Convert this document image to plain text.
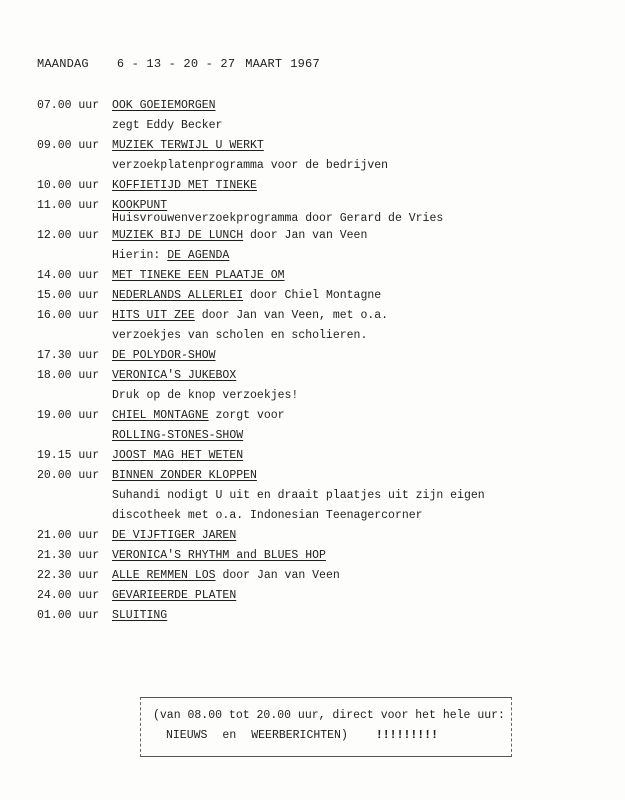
MAANDAG 6 - 13 - 20 - 27 MAART 1967
07.00 uur	OOK GOEIEMORGEN
zegt Eddy Becker
09.00 uur	MUZIEK TERWIJL U WERKT
verzoekplatenprogramma voor de bedrijven
10.00 uur	KOFFIETIJD MET TINEKE
11.00 uur	KOOKPUNT
Huisvrouwenverzoekprogramma door Gerard de Vries
12.00 uur	MUZIEK BIJ DE LUNCH door Jan van Veen
Hierin: DE AGENDA
14.00 uur	MET TINEKE EEN PLAATJE OM
15.00 uur	NEDERLANDS ALLERLEI door Chiel Montagne
16.00 uur	HITS UIT ZEE door Jan van Veen, met o.a.
verzoekjes van scholen en scholieren.
17.30 uur	DE POLYDOR-SHOW
18.00 uur	VERONICA'S JUKEBOX
Druk op de knop verzoekjes!
19.00 uur	CHIEL MONTAGNE zorgt voor
ROLLING-STONES-SHOW
19.15 uur	JOOST MAG HET WETEN
20.00 uur	BINNEN ZONDER KLOPPEN
Suhandi nodigt U uit en draait plaatjes uit zijn eigen
discotheek met o.a. Indonesian Teenagercorner
21.00 uur	DE VIJFTIGER JAREN
21.30 uur	VERONICA'S RHYTHM and BLUES HOP
22.30 uur	ALLE REMMEN LOS door Jan van Veen
24.00 uur	GEVARIEERDE PLATEN
01.00 uur	SLUITING
(van 08.00 tot 20.00 uur, direct voor het hele uur:
NIEUWS en WEERBERICHTEN) !!!!!!!!!
